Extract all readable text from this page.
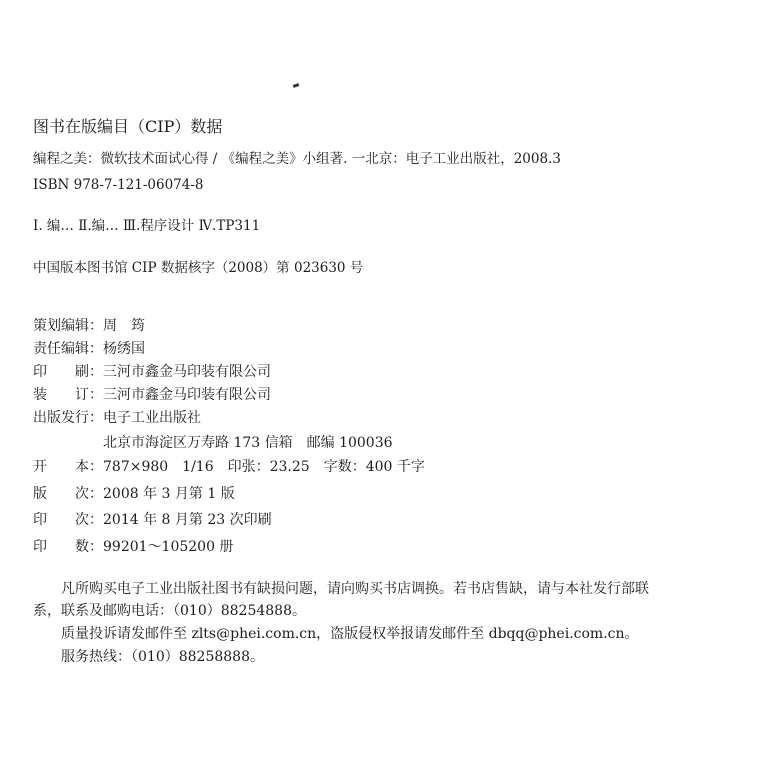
图书在版编目（CIP）数据
编程之美：微软技术面试心得 / 《编程之美》小组著. 一北京：电子工业出版社，2008.3
ISBN 978-7-121-06074-8
Ⅰ. 编… Ⅱ.编… Ⅲ.程序设计 Ⅳ.TP311
中国版本图书馆 CIP 数据核字（2008）第 023630 号
策划编辑：周　筠
责任编辑：杨绣国
印　　刷：三河市鑫金马印装有限公司
装　　订：三河市鑫金马印装有限公司
出版发行：电子工业出版社
北京市海淀区万寿路 173 信箱　邮编 100036
开　　本：787×980　1/16　印张：23.25　字数：400 千字
版　　次：2008 年 3 月第 1 版
印　　次：2014 年 8 月第 23 次印刷
印　　数：99201～105200 册
凡所购买电子工业出版社图书有缺损问题，请向购买书店调换。若书店售缺，请与本社发行部联
系，联系及邮购电话：（010）88254888。
质量投诉请发邮件至 zlts@phei.com.cn，盗版侵权举报请发邮件至 dbqq@phei.com.cn。
服务热线：（010）88258888。
